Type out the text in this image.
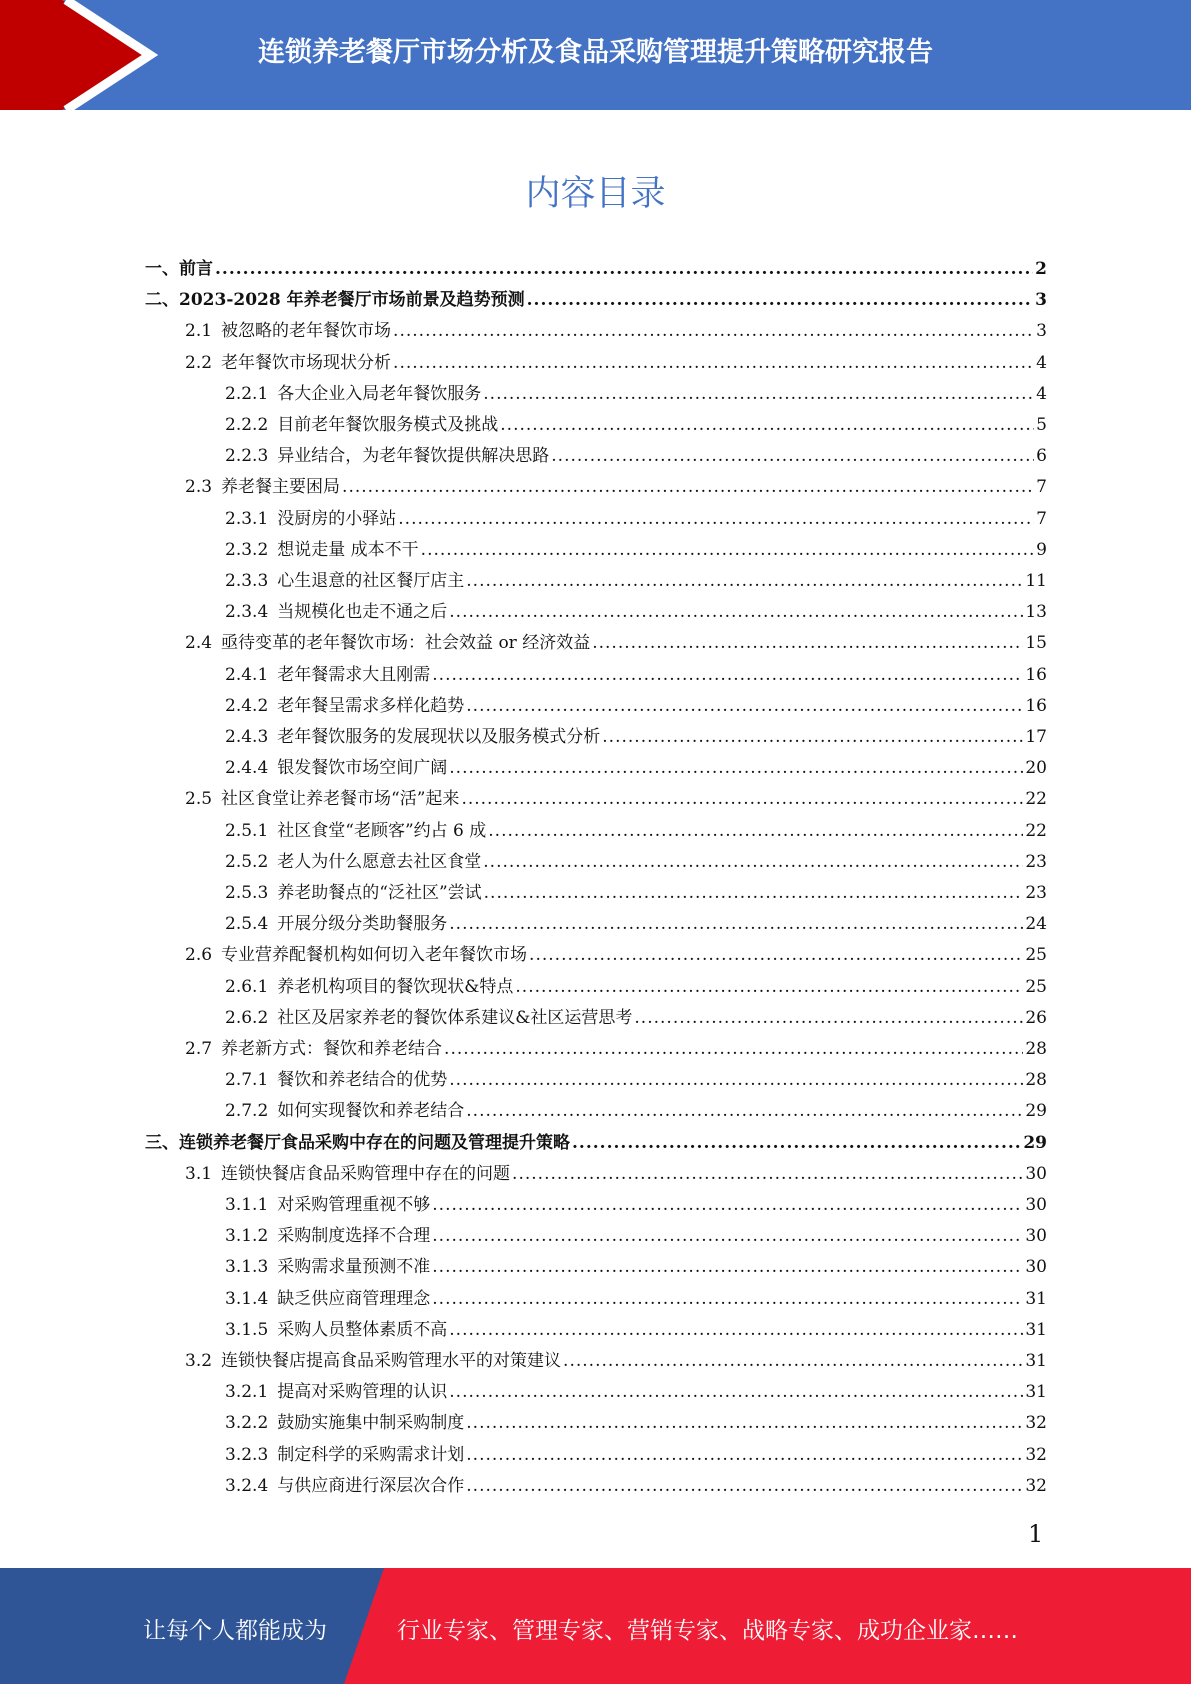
连锁养老餐厅市场分析及食品采购管理提升策略研究报告
内容目录
一、 前言 .....	2
二、 2023-2028 年养老餐厅市场前景及趋势预测 .....	3
2.1 被忽略的老年餐饮市场 .....	3
2.2 老年餐饮市场现状分析 .....	4
2.2.1 各大企业入局老年餐饮服务 .....	4
2.2.2 目前老年餐饮服务模式及挑战 .....	5
2.2.3 异业结合，为老年餐饮提供解决思路 .....	6
2.3 养老餐主要困局 .....	7
2.3.1 没厨房的小驿站 .....	7
2.3.2 想说走量 成本不干 .....	9
2.3.3 心生退意的社区餐厅店主 .....	11
2.3.4 当规模化也走不通之后 .....	13
2.4 亟待变革的老年餐饮市场：社会效益 or 经济效益 .....	15
2.4.1 老年餐需求大且刚需 .....	16
2.4.2 老年餐呈需求多样化趋势 .....	16
2.4.3 老年餐饮服务的发展现状以及服务模式分析 .....	17
2.4.4 银发餐饮市场空间广阔 .....	20
2.5 社区食堂让养老餐市场“活”起来 .....	22
2.5.1 社区食堂“老顾客”约占 6 成 .....	22
2.5.2 老人为什么愿意去社区食堂 .....	23
2.5.3 养老助餐点的“泛社区”尝试 .....	23
2.5.4 开展分级分类助餐服务 .....	24
2.6 专业营养配餐机构如何切入老年餐饮市场 .....	25
2.6.1 养老机构项目的餐饮现状&特点 .....	25
2.6.2 社区及居家养老的餐饮体系建议&社区运营思考 .....	26
2.7 养老新方式：餐饮和养老结合 .....	28
2.7.1 餐饮和养老结合的优势 .....	28
2.7.2 如何实现餐饮和养老结合 .....	29
三、 连锁养老餐厅食品采购中存在的问题及管理提升策略 .....	29
3.1 连锁快餐店食品采购管理中存在的问题 .....	30
3.1.1 对采购管理重视不够 .....	30
3.1.2 采购制度选择不合理 .....	30
3.1.3 采购需求量预测不准 .....	30
3.1.4 缺乏供应商管理理念 .....	31
3.1.5 采购人员整体素质不高 .....	31
3.2 连锁快餐店提高食品采购管理水平的对策建议 .....	31
3.2.1 提高对采购管理的认识 .....	31
3.2.2 鼓励实施集中制采购制度 .....	32
3.2.3 制定科学的采购需求计划 .....	32
3.2.4 与供应商进行深层次合作 .....	32
1
让每个人都能成为	行业专家、管理专家、营销专家、战略专家、成功企业家……
